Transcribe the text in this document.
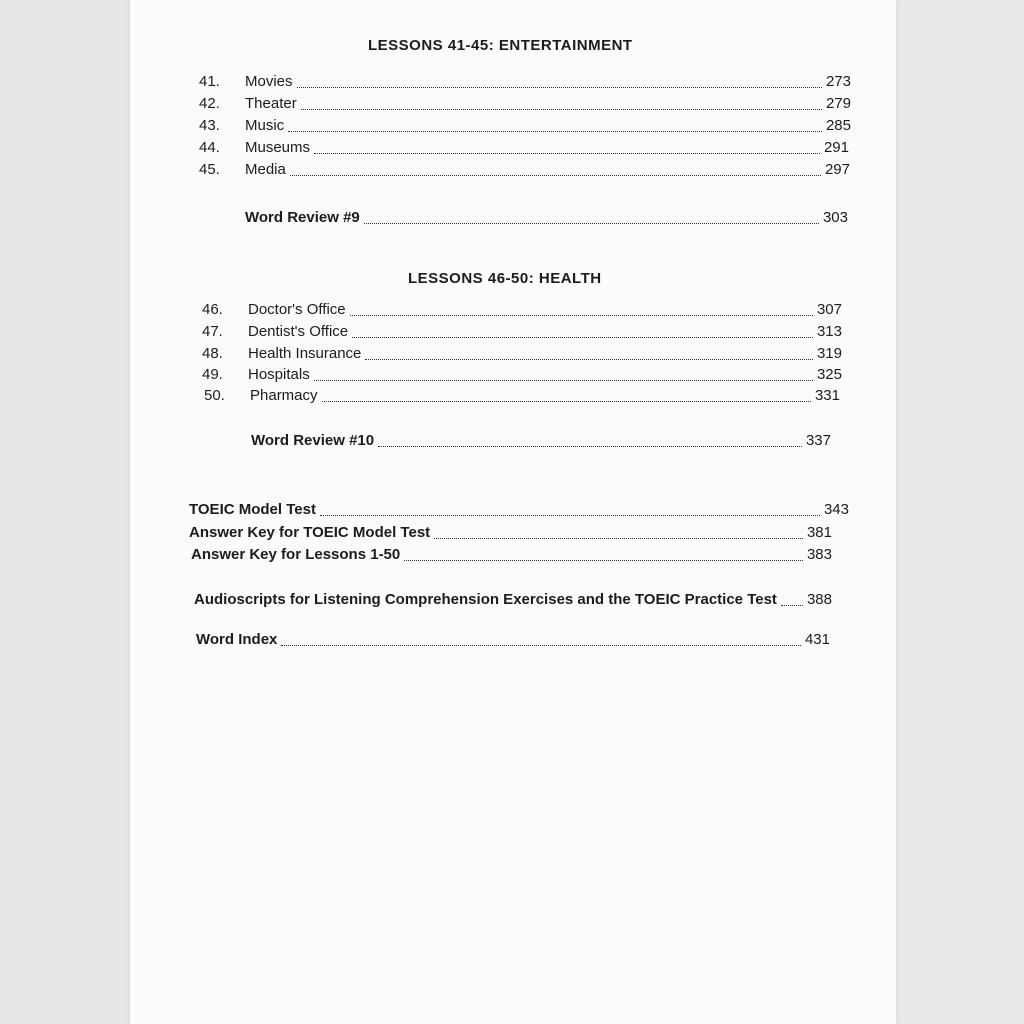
LESSONS 41-45: ENTERTAINMENT
41.	Movies	273
42.	Theater	279
43.	Music	285
44.	Museums	291
45.	Media	297
Word Review #9	303
LESSONS 46-50: HEALTH
46.	Doctor's Office	307
47.	Dentist's Office	313
48.	Health Insurance	319
49.	Hospitals	325
50.	Pharmacy	331
Word Review #10	337
TOEIC Model Test	343
Answer Key for TOEIC Model Test	381
Answer Key for Lessons 1-50	383
Audioscripts for Listening Comprehension Exercises and the TOEIC Practice Test 388
Word Index	431
